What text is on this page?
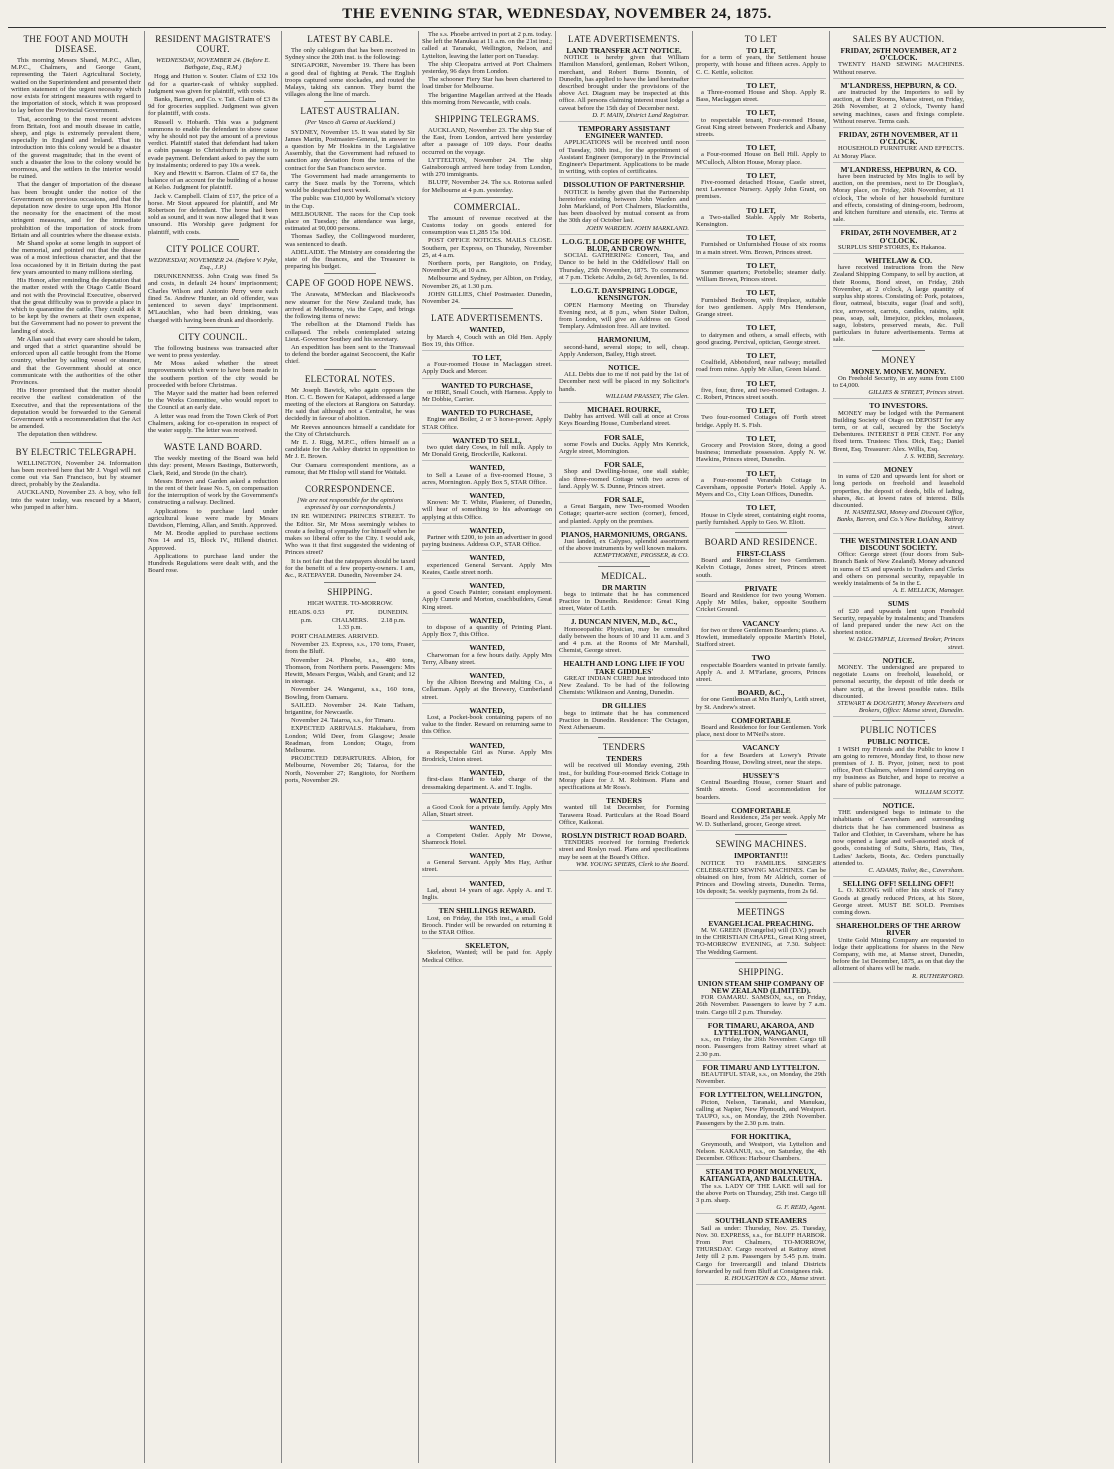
THE EVENING STAR, WEDNESDAY, NOVEMBER 24, 1875.
THE FOOT AND MOUTH DISEASE.

This morning Messrs Shand, M.P.C., Allan, M.P.C., Chalmers, and George Grant, representing the Taieri Agricultural Society, waited on the Superintendent and presented their written statement of the urgent necessity which now exists for stringent measures with regard to the importation of stock, which it was proposed to lay before the Provincial Government.

That, according to the most recent advices from Britain, foot and mouth disease in cattle, sheep, and pigs is extremely prevalent there, especially in England and Ireland. That its introduction into this colony would be a disaster of the gravest magnitude; that in the event of such a disaster the loss to the colony would be enormous, and the settlers in the interior would be ruined.

That the danger of importation of the disease has been brought under the notice of the Government on previous occasions, and that the deputation now desire to urge upon His Honor the necessity for the enactment of the most stringent measures, and for the immediate prohibition of the importation of stock from Britain and all countries where the disease exists.

Mr Shand spoke at some length in support of the memorial, and pointed out that the disease was of a most infectious character, and that the loss occasioned by it in Britain during the past few years amounted to many millions sterling.

His Honor, after reminding the deputation that the matter rested with the Otago Cattle Board and not with the Provincial Executive, observed that the great difficulty was to provide a place in which to quarantine the cattle. They could ask it to be kept by the owners at their own expense, but the Government had no power to prevent the landing of stock.

Mr Allan said that every care should be taken, and urged that a strict quarantine should be enforced upon all cattle brought from the Home country, whether by sailing vessel or steamer, and that the Government should at once communicate with the authorities of the other Provinces.

His Honor promised that the matter should receive the earliest consideration of the Executive, and that the representations of the deputation would be forwarded to the General Government with a recommendation that the Act be amended.

The deputation then withdrew.

BY ELECTRIC TELEGRAPH.

WELLINGTON, November 24. Information has been received here that Mr J. Vogel will not come out via San Francisco, but by steamer direct, probably by the Zealandia.

AUCKLAND, November 23. A boy, who fell into the water today, was rescued by a Maori, who jumped in after him.

RESIDENT MAGISTRATE'S COURT.
WEDNESDAY, NOVEMBER 24. (Before E. Bathgate, Esq., R.M.)

Hogg and Hutton v. Souter. Claim of £32 10s 6d for a quarter-cask of whisky supplied. Judgment was given for plaintiff, with costs.

Banks, Barron, and Co. v. Tait. Claim of £3 8s 9d for groceries supplied. Judgment was given for plaintiff, with costs.

Russell v. Hobarth. This was a judgment summons to enable the defendant to show cause why he should not pay the amount of a previous verdict. Plaintiff stated that defendant had taken a cabin passage to Christchurch in attempt to evade payment. Defendant asked to pay the sum by instalments; ordered to pay 10s a week.

Key and Hewitt v. Barron. Claim of £7 6s, the balance of an account for the building of a house at Kelso. Judgment for plaintiff.

Jack v. Campbell. Claim of £17, the price of a horse. Mr Stout appeared for plaintiff, and Mr Robertson for defendant. The horse had been sold as sound, and it was now alleged that it was unsound. His Worship gave judgment for plaintiff, with costs.

CITY POLICE COURT.
WEDNESDAY, NOVEMBER 24. (Before V. Pyke, Esq., J.P.)

DRUNKENNESS. John Craig was fined 5s and costs, in default 24 hours' imprisonment; Charles Wilson and Antonio Perry were each fined 5s. Andrew Hunter, an old offender, was sentenced to seven days' imprisonment. M'Lauchlan, who had been drinking, was charged with having been drunk and disorderly.

CITY COUNCIL.

The following business was transacted after we went to press yesterday.

Mr Moss asked whether the street improvements which were to have been made in the southern portion of the city would be proceeded with before Christmas.

The Mayor said the matter had been referred to the Works Committee, who would report to the Council at an early date.

A letter was read from the Town Clerk of Port Chalmers, asking for co-operation in respect of the water supply. The letter was received.

WASTE LAND BOARD.

The weekly meeting of the Board was held this day: present, Messrs Bastings, Butterworth, Clark, Reid, and Strode (in the chair).

Messrs Brown and Garden asked a reduction in the rent of their lease No. 5, on compensation for the interruption of work by the Government's constructing a railway. Declined.

Applications to purchase land under agricultural lease were made by Messrs Davidson, Fleming, Allan, and Smith. Approved.

Mr M. Brodie applied to purchase sections Nos 14 and 15, Block IV., Hillend district. Approved.

Applications to purchase land under the Hundreds Regulations were dealt with, and the Board rose.

LATEST BY CABLE.

The only cablegram that has been received in Sydney since the 20th inst. is the following:

SINGAPORE, November 19. There has been a good deal of fighting at Perak. The English troops captured some stockades, and routed the Malays, taking six cannon. They burnt the villages along the line of march.

LATEST AUSTRALIAN.
(Per Vasco di Gama at Auckland.)

SYDNEY, November 15. It was stated by Sir James Martin, Postmaster-General, in answer to a question by Mr Hoskins in the Legislative Assembly, that the Government had refused to sanction any deviation from the terms of the contract for the San Francisco service.

The Government had made arrangements to carry the Suez mails by the Torrens, which would be despatched next week.

The public was £10,000 by Wollomai's victory in the Cup.

MELBOURNE. The races for the Cup took place on Tuesday; the attendance was large, estimated at 90,000 persons.

Thomas Sadley, the Collingwood murderer, was sentenced to death.

ADELAIDE. The Ministry are considering the state of the finances, and the Treasurer is preparing his budget.

CAPE OF GOOD HOPE NEWS.

The Arawata, M'Meckan and Blackwood's new steamer for the New Zealand trade, has arrived at Melbourne, via the Cape, and brings the following items of news:

The rebellion at the Diamond Fields has collapsed. The rebels contemplated seizing Lieut.-Governor Southey and his secretary.

An expedition has been sent to the Transvaal to defend the border against Secocoeni, the Kafir chief.

ELECTORAL NOTES.

Mr Joseph Bawick, who again opposes the Hon. C. C. Bowen for Kaiapoi, addressed a large meeting of the electors at Rangiora on Saturday. He said that although not a Centralist, he was decidedly in favour of abolition.

Mr Reeves announces himself a candidate for the City of Christchurch.

Mr E. J. Rigg, M.P.C., offers himself as a candidate for the Ashley district in opposition to Mr J. E. Brown.

Our Oamaru correspondent mentions, as a rumour, that Mr Hislop will stand for Waitaki.

CORRESPONDENCE.
[We are not responsible for the opinions expressed by our correspondents.]

IN RE WIDENING PRINCES STREET. To the Editor. Sir, Mr Moss seemingly wishes to create a feeling of sympathy for himself when he makes so liberal offer to the City. I would ask, Who was it that first suggested the widening of Princes street?

It is not fair that the ratepayers should be taxed for the benefit of a few property-owners. I am, &c., RATEPAYER. Dunedin, November 24.

SHIPPING.
HIGH WATER. TO-MORROW.
HEADS. 0.53 p.m.
PT. CHALMERS. 1.33 p.m.
DUNEDIN. 2.18 p.m.

PORT CHALMERS. ARRIVED.

November 23. Express, s.s., 170 tons, Fraser, from the Bluff.

November 24. Phoebe, s.s., 480 tons, Thomson, from Northern ports. Passengers: Mrs Hewitt, Messrs Fergus, Walsh, and Grant; and 12 in steerage.

November 24. Wanganui, s.s., 160 tons, Bowling, from Oamaru.

SAILED. November 24. Kate Tatham, brigantine, for Newcastle.

November 24. Taiaroa, s.s., for Timaru.

EXPECTED ARRIVALS. Hakiaharu, from London; Wild Deer, from Glasgow; Jessie Readman, from London; Otago, from Melbourne.

PROJECTED DEPARTURES. Albion, for Melbourne, November 26; Taiaroa, for the North, November 27; Rangitoto, for Northern ports, November 29.

The s.s. Phoebe arrived in port at 2 p.m. today. She left the Manukau at 11 a.m. on the 21st inst.; called at Taranaki, Wellington, Nelson, and Lyttelton, leaving the latter port on Tuesday.

The ship Cleopatra arrived at Port Chalmers yesterday, 96 days from London.

The schooner Fiery Star has been chartered to load timber for Melbourne.

The brigantine Magellan arrived at the Heads this morning from Newcastle, with coals.

SHIPPING TELEGRAMS.

AUCKLAND, November 23. The ship Star of the East, from London, arrived here yesterday after a passage of 109 days. Four deaths occurred on the voyage.

LYTTELTON, November 24. The ship Gainsborough arrived here today from London, with 270 immigrants.

BLUFF, November 24. The s.s. Rotorua sailed for Melbourne at 4 p.m. yesterday.

COMMERCIAL.

The amount of revenue received at the Customs today on goods entered for consumption was £1,285 15s 10d.

POST OFFICE NOTICES. MAILS CLOSE. Southern, per Express, on Thursday, November 25, at 4 a.m.

Northern ports, per Rangitoto, on Friday, November 26, at 10 a.m.

Melbourne and Sydney, per Albion, on Friday, November 26, at 1.30 p.m.

JOHN GILLIES, Chief Postmaster. Dunedin, November 24.

LATE ADVERTISEMENTS.
WANTED,
by March 4, Couch with an Old Hen. Apply Box 19, this Office.
TO LET,
a Four-roomed House in Maclaggan street. Apply Duck and Mercer.
WANTED TO PURCHASE,
or HIRE, Small Couch, with Harness. Apply to Mr Dobbie, Carrier.
WANTED TO PURCHASE,
Engine and Boiler, 2 or 3 horse-power. Apply STAR Office.
WANTED TO SELL,
two quiet dairy Cows, in full milk. Apply to Mr Donald Greig, Brockville, Kaikorai.
WANTED,
to Sell a Lease of a five-roomed House, 3 acres, Mornington. Apply Box 5, STAR Office.
WANTED,
Known: Mr T. White, Plasterer, of Dunedin, will hear of something to his advantage on applying at this Office.
WANTED,
Partner with £200, to join an advertiser in good paying business. Address O.P., STAR Office.
WANTED,
experienced General Servant. Apply Mrs Keates, Castle street north.
WANTED,
a good Coach Painter; constant employment. Apply Cumrie and Morton, coachbuilders, Great King street.
WANTED,
to dispose of a quantity of Printing Plant. Apply Box 7, this Office.
WANTED,
Charwoman for a few hours daily. Apply Mrs Terry, Albany street.
WANTED,
by the Albion Brewing and Malting Co., a Cellarman. Apply at the Brewery, Cumberland street.
WANTED,
Lost, a Pocket-book containing papers of no value to the finder. Reward on returning same to this Office.
WANTED,
a Respectable Girl as Nurse. Apply Mrs Brodrick, Union street.
WANTED,
first-class Hand to take charge of the dressmaking department. A. and T. Inglis.
WANTED,
a Good Cook for a private family. Apply Mrs Allan, Stuart street.
WANTED,
a Competent Ostler. Apply Mr Dowse, Shamrock Hotel.
WANTED,
a General Servant. Apply Mrs Hay, Arthur street.
WANTED,
Lad, about 14 years of age. Apply A. and T. Inglis.
TEN SHILLINGS REWARD.
Lost, on Friday, the 19th inst., a small Gold Brooch. Finder will be rewarded on returning it to the STAR Office.
SKELETON,
Skeleton, Wanted; will be paid for. Apply Medical Office.
LATE ADVERTISEMENTS.
LAND TRANSFER ACT NOTICE.
NOTICE is hereby given that William Hamilton Mansford, gentleman, Robert Wilson, merchant, and Robert Burns Bonnin, of Dunedin, has applied to have the land hereinafter described brought under the provisions of the above Act. Diagram may be inspected at this office. All persons claiming interest must lodge a caveat before the 15th day of December next.
D. F. MAIN, District Land Registrar.
TEMPORARY ASSISTANT ENGINEER WANTED.
APPLICATIONS will be received until noon of Tuesday, 30th inst., for the appointment of Assistant Engineer (temporary) in the Provincial Engineer's Department. Applications to be made in writing, with copies of certificates.
DISSOLUTION OF PARTNERSHIP.
NOTICE is hereby given that the Partnership heretofore existing between John Warden and John Markland, of Port Chalmers, Blacksmiths, has been dissolved by mutual consent as from the 30th day of October last.
JOHN WARDEN. JOHN MARKLAND.
L.O.G.T. LODGE HOPE OF WHITE, BLUE, AND CROWN.
SOCIAL GATHERING: Concert, Tea, and Dance to be held in the Oddfellows' Hall on Thursday, 25th November, 1875. To commence at 7 p.m. Tickets: Adults, 2s 6d; Juveniles, 1s 6d.
L.O.G.T. DAYSPRING LODGE, KENSINGTON.
OPEN Harmony Meeting on Thursday Evening next, at 8 p.m., when Sister Dalton, from London, will give an Address on Good Templary. Admission free. All are invited.
HARMONIUM,
second-hand, several stops; to sell, cheap. Apply Anderson, Bailey, High street.
NOTICE.
ALL Debts due to me if not paid by the 1st of December next will be placed in my Solicitor's hands.
WILLIAM PRASSEY, The Glen.
MICHAEL ROURKE,
Dabby has arrived. Will call at once at Cross Keys Boarding House, Cumberland street.
FOR SALE,
some Fowls and Ducks. Apply Mrs Kenrick, Argyle street, Mornington.
FOR SALE,
Shop and Dwelling-house, one stall stable; also three-roomed Cottage with two acres of land. Apply W. S. Dunne, Princes street.
FOR SALE,
a Great Bargain, new Two-roomed Wooden Cottage; quarter-acre section (corner), fenced, and planted. Apply on the premises.
PIANOS, HARMONIUMS, ORGANS.
Just landed, ex Calypso, splendid assortment of the above instruments by well known makers.
KEMPTHORNE, PROSSER, & CO.
MEDICAL.
DR MARTIN
begs to intimate that he has commenced Practice in Dunedin. Residence: Great King street, Water of Leith.
J. DUNCAN NIVEN, M.D., &C.,
Homoeopathic Physician, may be consulted daily between the hours of 10 and 11 a.m. and 3 and 4 p.m. at the Rooms of Mr Marshall, Chemist, George street.
HEALTH AND LONG LIFE IF YOU TAKE GIDDLES'
GREAT INDIAN CURE! Just introduced into New Zealand. To be had of the following Chemists: Wilkinson and Anning, Dunedin.
DR GILLIES
begs to intimate that he has commenced Practice in Dunedin. Residence: The Octagon, Next Athenaeum.
TENDERS
TENDERS
will be received till Monday evening, 29th inst., for building Four-roomed Brick Cottage in Moray place for J. M. Robinson. Plans and specifications at Mr Ross's.
TENDERS
wanted till 1st December, for Forming Tarawera Road. Particulars at the Road Board Office, Kaikorai.
ROSLYN DISTRICT ROAD BOARD.
TENDERS received for forming Frederick street and Roslyn road. Plans and specifications may be seen at the Board's Office.
WM. YOUNG SPIERS, Clerk to the Board.
TO LET
TO LET,
for a term of years, the Settlement house property, with house and fifteen acres. Apply to C. C. Kettle, solicitor.
TO LET,
a Three-roomed House and Shop. Apply R. Bass, Maclaggan street.
TO LET,
to respectable tenant, Four-roomed House, Great King street between Frederick and Albany streets.
TO LET,
a Four-roomed House on Bell Hill. Apply to M'Culloch, Albion House, Moray place.
TO LET,
Five-roomed detached House, Castle street, next Lawrence Nursery. Apply John Grant, on premises.
TO LET,
a Two-stalled Stable. Apply Mr Roberts, Kensington.
TO LET,
Furnished or Unfurnished House of six rooms in a main street. Wm. Brown, Princes street.
TO LET,
Summer quarters; Portobello; steamer daily. William Brown, Princes street.
TO LET,
Furnished Bedroom, with fireplace, suitable for two gentlemen. Apply Mrs Henderson, Grange street.
TO LET,
to dairymen and others, a small effects, with good grazing. Percival, optician, George street.
TO LET,
Coalfield, Abbotsford, near railway; metalled road from mine. Apply Mr Allan, Green Island.
TO LET,
five, four, three, and two-roomed Cottages. J. C. Robert, Princes street south.
TO LET,
Two four-roomed Cottages off Forth street bridge. Apply H. S. Fish.
TO LET,
Grocery and Provision Store, doing a good business; immediate possession. Apply N. W. Hawkins, Princes street, Dunedin.
TO LET,
a Four-roomed Verandah Cottage in Caversham, opposite Porter's Hotel. Apply A. Myers and Co., City Loan Offices, Dunedin.
TO LET,
House in Clyde street, containing eight rooms, partly furnished. Apply to Geo. W. Eliott.
BOARD AND RESIDENCE.
FIRST-CLASS
Board and Residence for two Gentlemen. Kelvin Cottage, Jones street, Princes street south.
PRIVATE
Board and Residence for two young Women. Apply Mr Miles, baker, opposite Southern Cricket Ground.
VACANCY
for two or three Gentlemen Boarders; piano. A. Howlett, immediately opposite Martin's Hotel, Stafford street.
TWO
respectable Boarders wanted in private family. Apply A. and J. M'Farlane, grocers, Princes street.
BOARD, &C.,
for one Gentleman at Mrs Hardy's, Leith street, by St. Andrew's street.
COMFORTABLE
Board and Residence for four Gentlemen. York place, next door to M'Neil's store.
VACANCY
for a few Boarders at Lowry's Private Boarding House, Dowling street, near the steps.
HUSSEY'S
Central Boarding House, corner Stuart and Smith streets. Good accommodation for boarders.
COMFORTABLE
Board and Residence, 25s per week. Apply Mr W. D. Sutherland, grocer, George street.
SEWING MACHINES.
IMPORTANT!!!
NOTICE TO FAMILIES. SINGER'S CELEBRATED SEWING MACHINES. Can be obtained on hire, from Mr Aldrich, corner of Princes and Dowling streets, Dunedin. Terms, 10s deposit; 5s. weekly payments, from 2s 6d.
MEETINGS
EVANGELICAL PREACHING.
M. W. GREEN (Evangelist) will (D.V.) preach in the CHRISTIAN CHAPEL, Great King street, TO-MORROW EVENING, at 7.30. Subject: The Wedding Garment.
SHIPPING.
UNION STEAM SHIP COMPANY OF NEW ZEALAND (LIMITED).
FOR OAMARU. SAMSON, s.s., on Friday, 26th November. Passengers to leave by 7 a.m. train. Cargo till 2 p.m. Thursday.
FOR TIMARU, AKAROA, AND LYTTELTON, WANGANUI,
s.s., on Friday, the 26th November. Cargo till noon. Passengers from Rattray street wharf at 2.30 p.m.
FOR TIMARU AND LYTTELTON.
BEAUTIFUL STAR, s.s., on Monday, the 29th November.
FOR LYTTELTON, WELLINGTON,
Picton, Nelson, Taranaki, and Manukau, calling at Napier, New Plymouth, and Westport. TAUPO, s.s., on Monday, the 29th November. Passengers by the 2.30 p.m. train.
FOR HOKITIKA,
Greymouth, and Westport, via Lyttelton and Nelson. KAKANUI, s.s., on Saturday, the 4th December. Offices: Harbour Chambers.
STEAM TO PORT MOLYNEUX, KAITANGATA, AND BALCLUTHA.
The s.s. LADY OF THE LAKE will sail for the above Ports on Thursday, 25th inst. Cargo till 3 p.m. sharp.
G. F. REID, Agent.
SOUTHLAND STEAMERS
Sail as under: Thursday, Nov. 25. Tuesday, Nov. 30. EXPRESS, s.s., for BLUFF HARBOR. From Port Chalmers, TO-MORROW, THURSDAY. Cargo received at Rattray street Jetty till 2 p.m. Passengers by 5.45 p.m. train. Cargo for Invercargill and inland Districts forwarded by rail from Bluff at Consignees risk.
R. HOUGHTON & CO., Manse street.
SALES BY AUCTION.
FRIDAY, 26TH NOVEMBER, AT 2 O'CLOCK.
TWENTY HAND SEWING MACHINES. Without reserve.
M'LANDRESS, HEPBURN, & CO.
are instructed by the Importers to sell by auction, at their Rooms, Manse street, on Friday, 26th November, at 2 o'clock, Twenty hand sewing machines, cases and fixings complete. Without reserve. Terms cash.
FRIDAY, 26TH NOVEMBER, AT 11 O'CLOCK.
HOUSEHOLD FURNITURE AND EFFECTS. At Moray Place.
M'LANDRESS, HEPBURN, & CO.
have been instructed by Mrs Inglis to sell by auction, on the premises, next to Dr Douglas's, Moray place, on Friday, 26th November, at 11 o'clock, The whole of her household furniture and effects, consisting of dining-room, bedroom, and kitchen furniture and utensils, etc. Terms at sale.
FRIDAY, 26TH NOVEMBER, AT 2 O'CLOCK.
SURPLUS SHIP STORES, Ex Hakanoa.
WHITELAW & CO.
have received instructions from the New Zealand Shipping Company, to sell by auction, at their Rooms, Bond street, on Friday, 26th November, at 2 o'clock, A large quantity of surplus ship stores. Consisting of: Pork, potatoes, flour, oatmeal, biscuits, sugar (loaf and soft), rice, arrowroot, carrots, candles, raisins, split peas, soap, salt, limejuice, pickles, molasses, sago, lobsters, preserved meats, &c. Full particulars in future advertisements. Terms at sale.
MONEY
MONEY. MONEY. MONEY.
On Freehold Security, in any sums from £100 to £4,000.
GILLIES & STREET, Princes street.
TO INVESTORS.
MONEY may be lodged with the Permanent Building Society of Otago on DEPOSIT for any term, or at call, secured by the Society's Debentures. INTEREST 8 PER CENT. For any fixed term. Trustees: Thos. Dick, Esq.; Daniel Brent, Esq. Treasurer: Alex. Willis, Esq.
J. S. WEBB, Secretary.
MONEY
in sums of £20 and upwards lent for short or long periods on freehold and leasehold properties, the deposit of deeds, bills of lading, shares, &c. at lowest rates of interest. Bills discounted.
H. NASHELSKI, Money and Discount Office, Banks, Barron, and Co.'s New Building, Rattray street.
THE WESTMINSTER LOAN AND DISCOUNT SOCIETY.
Office: George street (four doors from Sub-Branch Bank of New Zealand). Money advanced in sums of £5 and upwards to Traders and Clerks and others on personal security, repayable in weekly instalments of 5s in the £.
A. E. MELLICK, Manager.
SUMS
of £20 and upwards lent upon Freehold Security, repayable by instalments; and Transfers of land prepared under the new Act on the shortest notice.
W. DALGYMPLE, Licensed Broker, Princes street.
NOTICE.
MONEY. The undersigned are prepared to negotiate Loans on freehold, leasehold, or personal security, the deposit of title deeds or share scrip, at the lowest possible rates. Bills discounted.
STEWART & DOUGHTY, Money Receivers and Brokers, Office: Manse street, Dunedin.
PUBLIC NOTICES
PUBLIC NOTICE.
I WISH my Friends and the Public to know I am going to remove, Monday first, to those new premises of J. B. Pryor, joiner, next to post office, Port Chalmers, where I intend carrying on my business as Butcher, and hope to receive a share of public patronage.
WILLIAM SCOTT.
NOTICE.
THE undersigned begs to intimate to the inhabitants of Caversham and surrounding districts that he has commenced business as Tailor and Clothier, in Caversham, where he has now opened a large and well-assorted stock of goods, consisting of Suits, Shirts, Hats, Ties, Ladies' Jackets, Boots, &c. Orders punctually attended to.
C. ADAMS, Tailor, &c., Caversham.
SELLING OFF! SELLING OFF!!
L. O. KEONG will offer his stock of Fancy Goods at greatly reduced Prices, at his Store, George street. MUST BE SOLD. Premises coming down.
SHAREHOLDERS OF THE ARROW RIVER
Unite Gold Mining Company are requested to lodge their applications for shares in the New Company, with me, at Manse street, Dunedin, before the 1st December, 1875, as on that day the allotment of shares will be made.
R. RUTHERFORD.
